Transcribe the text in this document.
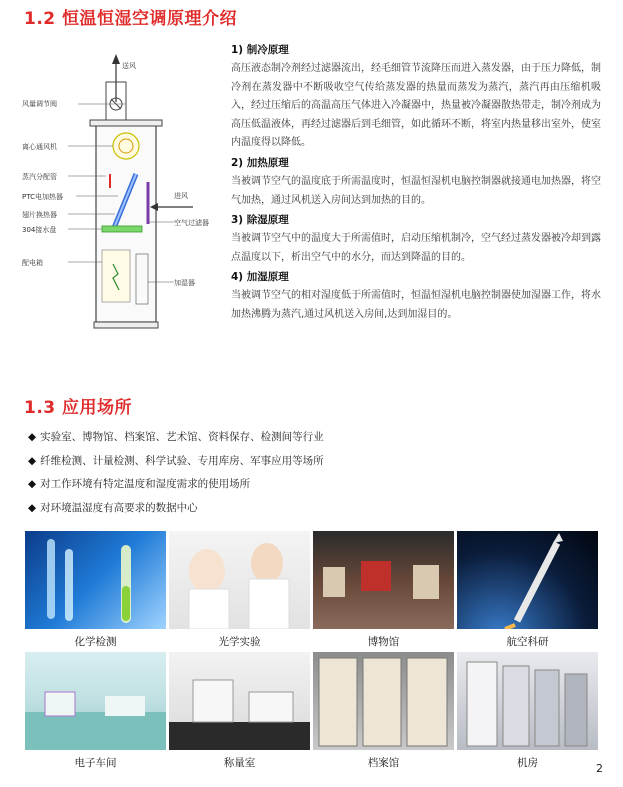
1.2 恒温恒湿空调原理介绍
送风
风量调节阀
离心通风机
蒸汽分配管
PTC电加热器
翅片换热器
304接水盘
进风
空气过滤器
配电箱
加湿器
1) 制冷原理
高压液态制冷剂经过滤器流出，经毛细管节流降压而进入蒸发器，由于压力降低，制冷剂在蒸发器中不断吸收空气传给蒸发器的热量而蒸发为蒸汽，蒸汽再由压缩机吸入，经过压缩后的高温高压气体进入冷凝器中，热量被冷凝器散热带走，制冷剂成为高压低温液体，再经过滤器后到毛细管，如此循环不断，将室内热量移出室外，使室内温度得以降低。
2) 加热原理
当被调节空气的温度底于所需温度时，恒温恒湿机电脑控制器就接通电加热器，将空气加热，通过风机送入房间达到加热的目的。
3) 除湿原理
当被调节空气中的温度大于所需值时，启动压缩机制冷，空气经过蒸发器被冷却到露点温度以下，析出空气中的水分，而达到降温的目的。
4) 加湿原理
当被调节空气的相对湿度低于所需值时，恒温恒湿机电脑控制器使加湿器工作，将水加热沸腾为蒸汽,通过风机送入房间,达到加湿目的。
1.3 应用场所
◆ 实验室、博物馆、档案馆、艺术馆、资料保存、检测间等行业
◆ 纤维检测、计量检测、科学试验、专用库房、军事应用等场所
◆ 对工作环境有特定温度和湿度需求的使用场所
◆ 对环境温湿度有高要求的数据中心
化学检测	光学实验	博物馆	航空科研
电子车间	称量室	档案馆	机房	2
